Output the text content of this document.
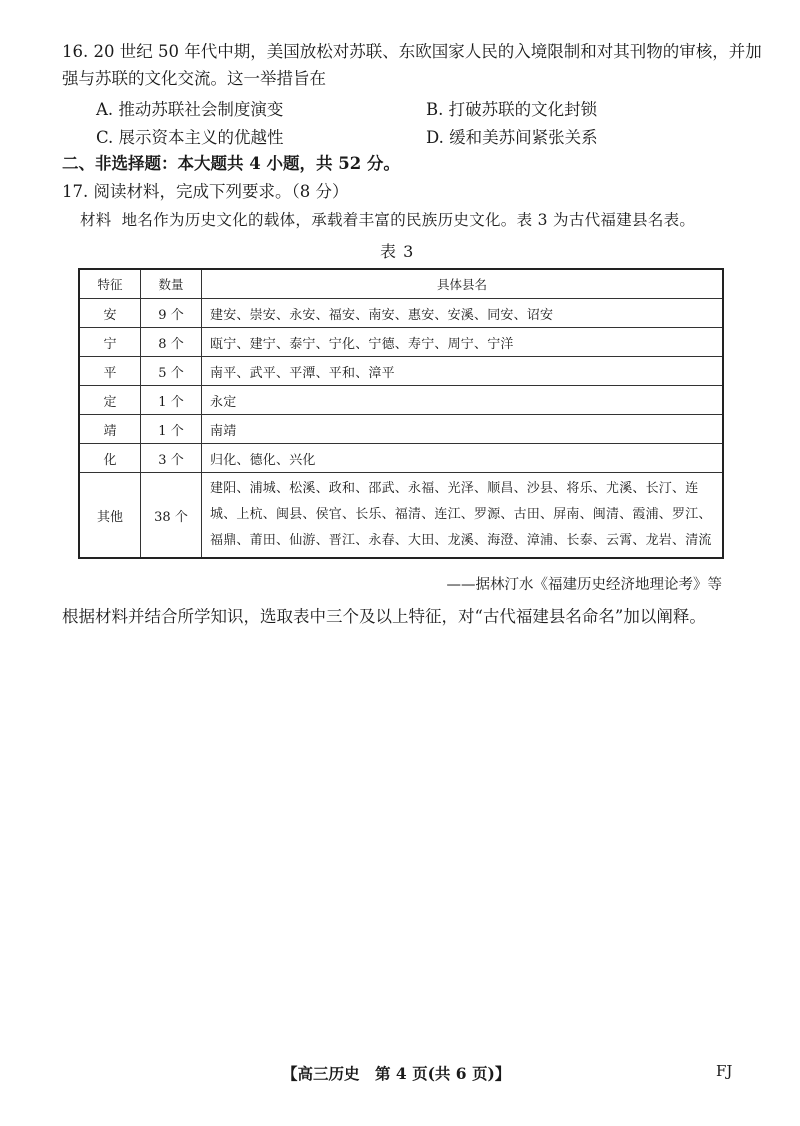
16. 20 世纪 50 年代中期，美国放松对苏联、东欧国家人民的入境限制和对其刊物的审核，并加强与苏联的文化交流。这一举措旨在
A. 推动苏联社会制度演变	B. 打破苏联的文化封锁
C. 展示资本主义的优越性	D. 缓和美苏间紧张关系
二、非选择题：本大题共 4 小题，共 52 分。
17. 阅读材料，完成下列要求。（8 分）
材料 地名作为历史文化的载体，承载着丰富的民族历史文化。表 3 为古代福建县名表。
表 3
特征	数量	具体县名
安	9 个	建安、崇安、永安、福安、南安、惠安、安溪、同安、诏安
宁	8 个	瓯宁、建宁、泰宁、宁化、宁德、寿宁、周宁、宁洋
平	5 个	南平、武平、平潭、平和、漳平
定	1 个	永定
靖	1 个	南靖
化	3 个	归化、德化、兴化
其他	38 个	建阳、浦城、松溪、政和、邵武、永福、光泽、顺昌、沙县、将乐、尤溪、长汀、连城、上杭、闽县、侯官、长乐、福清、连江、罗源、古田、屏南、闽清、霞浦、罗江、福鼎、莆田、仙游、晋江、永春、大田、龙溪、海澄、漳浦、长泰、云霄、龙岩、清流
——据林汀水《福建历史经济地理论考》等
根据材料并结合所学知识，选取表中三个及以上特征，对“古代福建县名命名”加以阐释。
【高三历史　第 4 页(共 6 页)】	FJ
